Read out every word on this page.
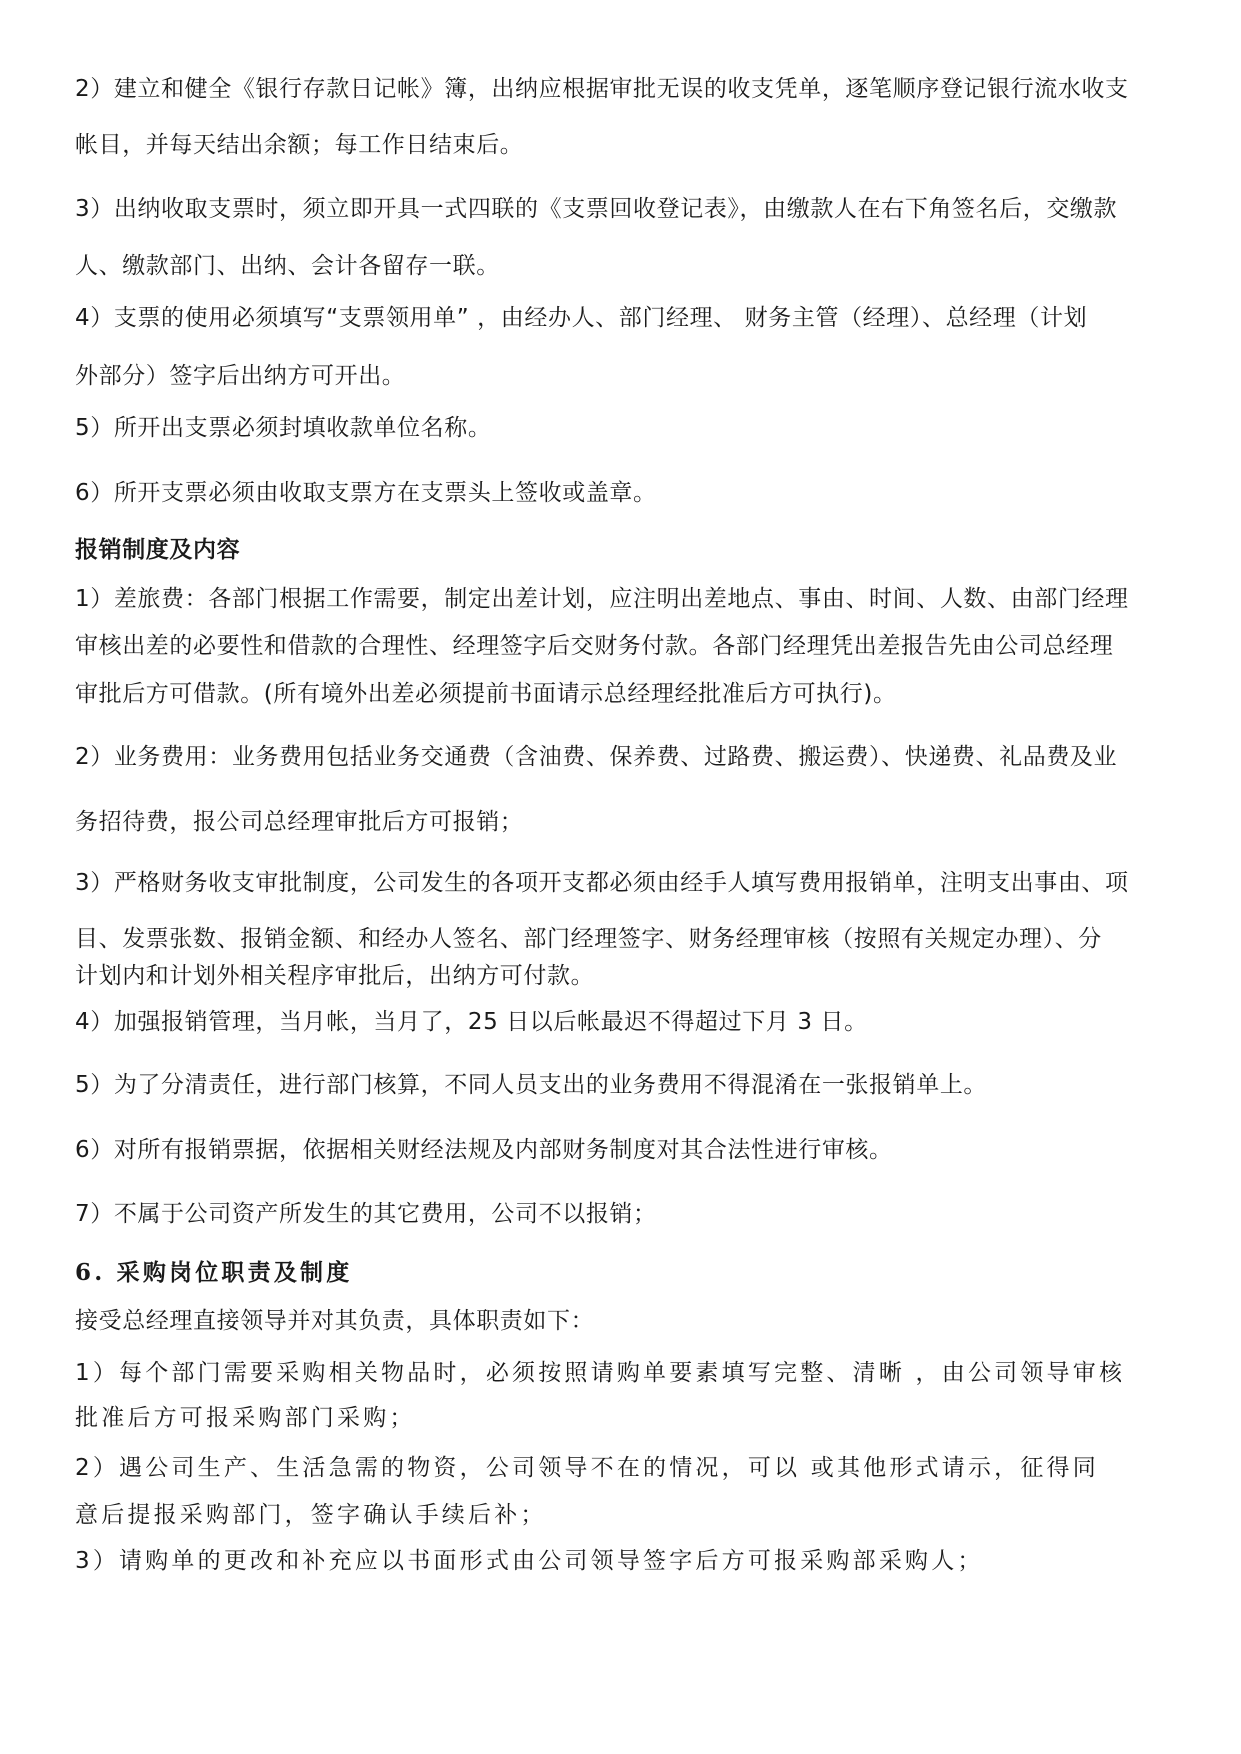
2）建立和健全《银行存款日记帐》簿，出纳应根据审批无误的收支凭单，逐笔顺序登记银行流水收支
帐目，并每天结出余额；每工作日结束后。
3）出纳收取支票时，须立即开具一式四联的《支票回收登记表》，由缴款人在右下角签名后，交缴款
人、缴款部门、出纳、会计各留存一联。
4）支票的使用必须填写“支票领用单” ，由经办人、部门经理、 财务主管（经理）、总经理（计划
外部分）签字后出纳方可开出。
5）所开出支票必须封填收款单位名称。
6）所开支票必须由收取支票方在支票头上签收或盖章。
报销制度及内容
1）差旅费：各部门根据工作需要，制定出差计划，应注明出差地点、事由、时间、人数、由部门经理
审核出差的必要性和借款的合理性、经理签字后交财务付款。各部门经理凭出差报告先由公司总经理
审批后方可借款。(所有境外出差必须提前书面请示总经理经批准后方可执行)。
2）业务费用：业务费用包括业务交通费（含油费、保养费、过路费、搬运费）、快递费、礼品费及业
务招待费，报公司总经理审批后方可报销；
3）严格财务收支审批制度，公司发生的各项开支都必须由经手人填写费用报销单，注明支出事由、项
目、发票张数、报销金额、和经办人签名、部门经理签字、财务经理审核（按照有关规定办理）、分
计划内和计划外相关程序审批后，出纳方可付款。
4）加强报销管理，当月帐，当月了，25 日以后帐最迟不得超过下月 3 日。
5）为了分清责任，进行部门核算，不同人员支出的业务费用不得混淆在一张报销单上。
6）对所有报销票据，依据相关财经法规及内部财务制度对其合法性进行审核。
7）不属于公司资产所发生的其它费用，公司不以报销；
6. 采购岗位职责及制度
接受总经理直接领导并对其负责，具体职责如下：
1）每个部门需要采购相关物品时，必须按照请购单要素填写完整、清晰 ，由公司领导审核
批准后方可报采购部门采购；
2）遇公司生产、生活急需的物资，公司领导不在的情况，可以 或其他形式请示，征得同
意后提报采购部门，签字确认手续后补；
3）请购单的更改和补充应以书面形式由公司领导签字后方可报采购部采购人；
